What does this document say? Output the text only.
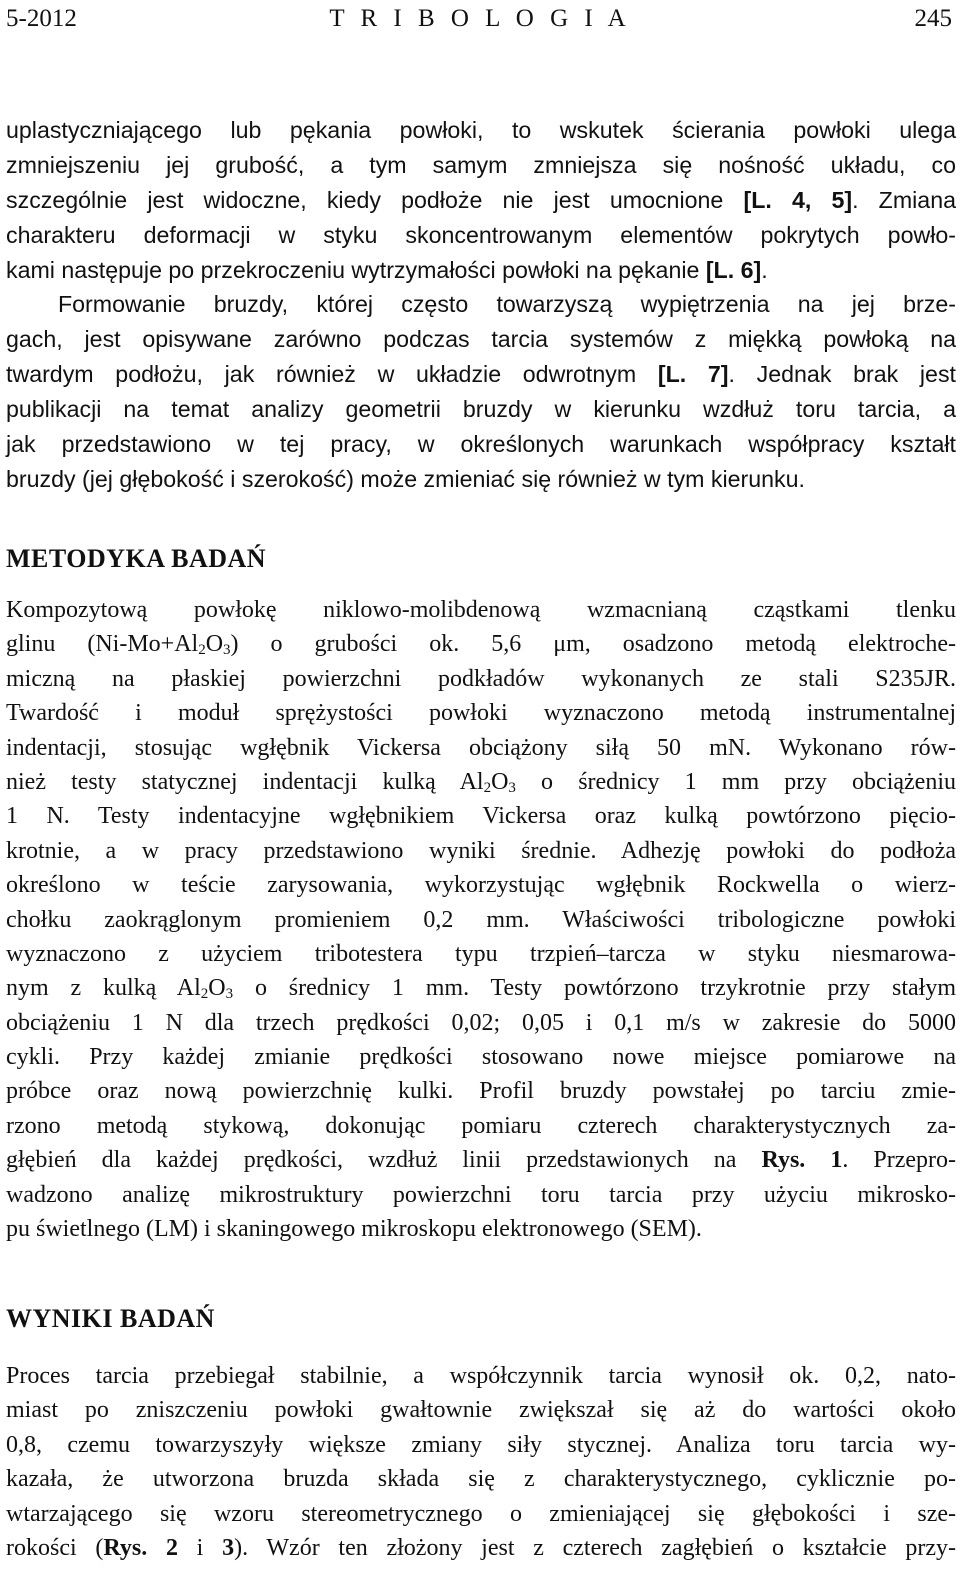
5-2012	T R I B O L O G I A	245
uplastyczniającego lub pękania powłoki, to wskutek ścierania powłoki ulega
zmniejszeniu jej grubość, a tym samym zmniejsza się nośność układu, co
szczególnie jest widoczne, kiedy podłoże nie jest umocnione [L. 4, 5]. Zmiana
charakteru deformacji w styku skoncentrowanym elementów pokrytych powło-
kami następuje po przekroczeniu wytrzymałości powłoki na pękanie [L. 6].
Formowanie bruzdy, której często towarzyszą wypiętrzenia na jej brze-
gach, jest opisywane zarówno podczas tarcia systemów z miękką powłoką na
twardym podłożu, jak również w układzie odwrotnym [L. 7]. Jednak brak jest
publikacji na temat analizy geometrii bruzdy w kierunku wzdłuż toru tarcia, a
jak przedstawiono w tej pracy, w określonych warunkach współpracy kształt
bruzdy (jej głębokość i szerokość) może zmieniać się również w tym kierunku.
METODYKA BADAŃ
Kompozytową powłokę niklowo-molibdenową wzmacnianą cząstkami tlenku
glinu $(Ni-Mo+Al_2O_3)$ o grubości ok. 5,6 μm, osadzono metodą elektroche-
miczną na płaskiej powierzchni podkładów wykonanych ze stali S235JR.
Twardość i moduł sprężystości powłoki wyznaczono metodą instrumentalnej
indentacji, stosując wgłębnik Vickersa obciążony siłą 50 mN. Wykonano rów-
nież testy statycznej indentacji kulką $Al_2O_3$ o średnicy 1 mm przy obciążeniu
1 N. Testy indentacyjne wgłębnikiem Vickersa oraz kulką powtórzono pięcio-
krotnie, a w pracy przedstawiono wyniki średnie. Adhezję powłoki do podłoża
określono w teście zarysowania, wykorzystując wgłębnik Rockwella o wierz-
chołku zaokrąglonym promieniem 0,2 mm. Właściwości tribologiczne powłoki
wyznaczono z użyciem tribotestera typu trzpień–tarcza w styku niesmarowa-
nym z kulką $Al_2O_3$ o średnicy 1 mm. Testy powtórzono trzykrotnie przy stałym
obciążeniu 1 N dla trzech prędkości 0,02; 0,05 i 0,1 m/s w zakresie do 5000
cykli. Przy każdej zmianie prędkości stosowano nowe miejsce pomiarowe na
próbce oraz nową powierzchnię kulki. Profil bruzdy powstałej po tarciu zmie-
rzono metodą stykową, dokonując pomiaru czterech charakterystycznych za-
głębień dla każdej prędkości, wzdłuż linii przedstawionych na Rys. 1. Przepro-
wadzono analizę mikrostruktury powierzchni toru tarcia przy użyciu mikrosko-
pu świetlnego (LM) i skaningowego mikroskopu elektronowego (SEM).
WYNIKI BADAŃ
Proces tarcia przebiegał stabilnie, a współczynnik tarcia wynosił ok. 0,2, nato-
miast po zniszczeniu powłoki gwałtownie zwiększał się aż do wartości około
0,8, czemu towarzyszyły większe zmiany siły stycznej. Analiza toru tarcia wy-
kazała, że utworzona bruzda składa się z charakterystycznego, cyklicznie po-
wtarzającego się wzoru stereometrycznego o zmieniającej się głębokości i sze-
rokości (Rys. 2 i 3). Wzór ten złożony jest z czterech zagłębień o kształcie przy-
